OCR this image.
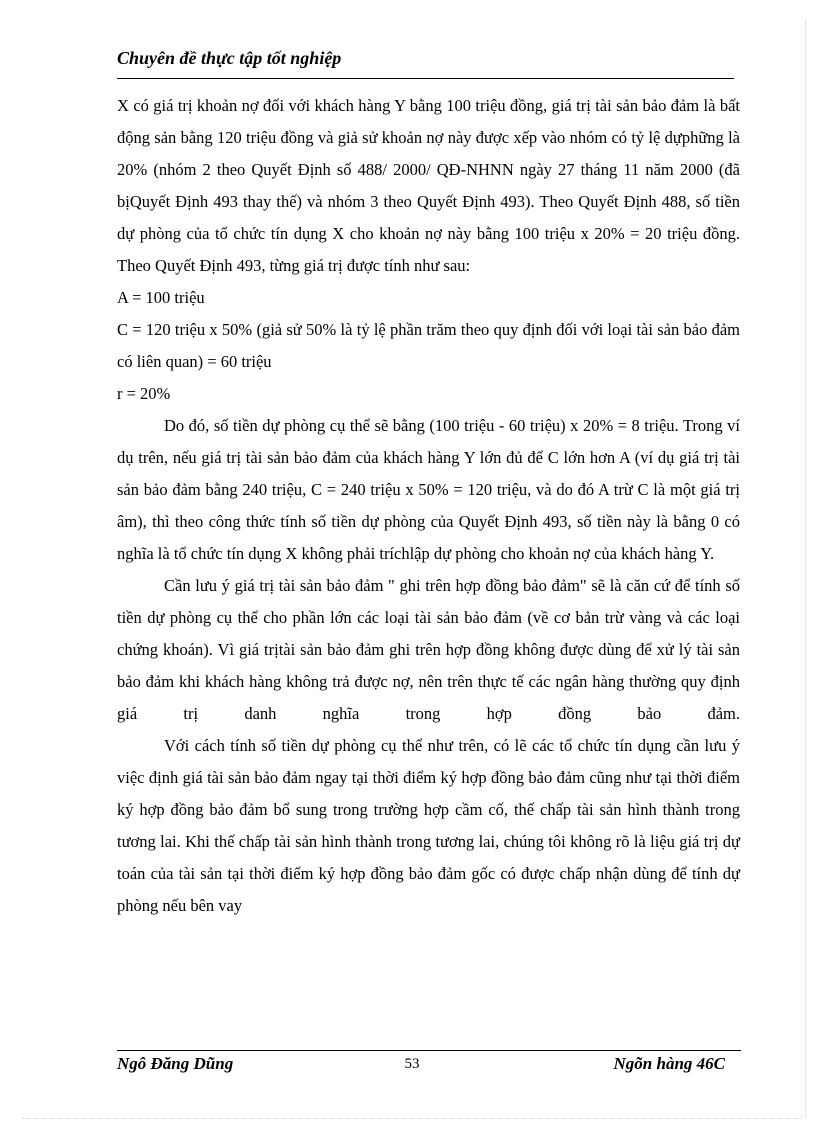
Chuyên đề thực tập tốt nghiệp

X có giá trị khoản nợ đối với khách hàng Y bằng 100 triệu đồng, giá trị tài sản bảo đảm là bất động sản bằng 120 triệu đồng và giả sử khoản nợ này được xếp vào nhóm có tỷ lệ dựphững là 20% (nhóm 2 theo Quyết Định số 488/ 2000/ QĐ-NHNN ngày 27 tháng 11 năm 2000 (đã bịQuyết Định 493 thay thế) và nhóm 3 theo Quyết Định 493). Theo Quyết Định 488, số tiền dự phòng của tổ chức tín dụng X cho khoản nợ này bằng 100 triệu x 20% = 20 triệu đồng. Theo Quyết Định 493, từng giá trị được tính như sau:

A = 100 triệu

C = 120 triệu x 50% (giả sử 50% là tỷ lệ phần trăm theo quy định đối với loại tài sản bảo đảm có liên quan) = 60 triệu

r = 20%

Do đó, số tiền dự phòng cụ thể sẽ bằng (100 triệu - 60 triệu) x 20% = 8 triệu. Trong ví dụ trên, nếu giá trị tài sản bảo đảm của khách hàng Y lớn đủ để C lớn hơn A (ví dụ giá trị tài sản bảo đảm bằng 240 triệu, C = 240 triệu x 50% = 120 triệu, và do đó A trừ C là một giá trị âm), thì theo công thức tính số tiền dự phòng của Quyết Định 493, số tiền này là bằng 0 có nghĩa là tổ chức tín dụng X không phải tríchlập dự phòng cho khoản nợ của khách hàng Y.

Cần lưu ý giá trị tài sản bảo đảm " ghi trên hợp đồng bảo đảm" sẽ là căn cứ để tính số tiền dự phòng cụ thể cho phần lớn các loại tài sản bảo đảm (về cơ bản trừ vàng và các loại chứng khoán). Vì giá trịtài sản bảo đảm ghi trên hợp đồng không được dùng để xử lý tài sản bảo đảm khi khách hàng không trả được nợ, nên trên thực tế các ngân hàng thường quy định giá trị danh nghĩa trong hợp đồng bảo đảm.

Với cách tính số tiền dự phòng cụ thể như trên, có lẽ các tổ chức tín dụng cần lưu ý việc định giá tài sản bảo đảm ngay tại thời điểm ký hợp đồng bảo đảm cũng như tại thời điểm ký hợp đồng bảo đảm bổ sung trong trường hợp cầm cố, thế chấp tài sản hình thành trong tương lai. Khi thế chấp tài sản hình thành trong tương lai, chúng tôi không rõ là liệu giá trị dự toán của tài sản tại thời điểm ký hợp đồng bảo đảm gốc có được chấp nhận dùng để tính dự phòng nếu bên vay

Ngô Đăng Dũng	53	Ngõn hàng 46C
